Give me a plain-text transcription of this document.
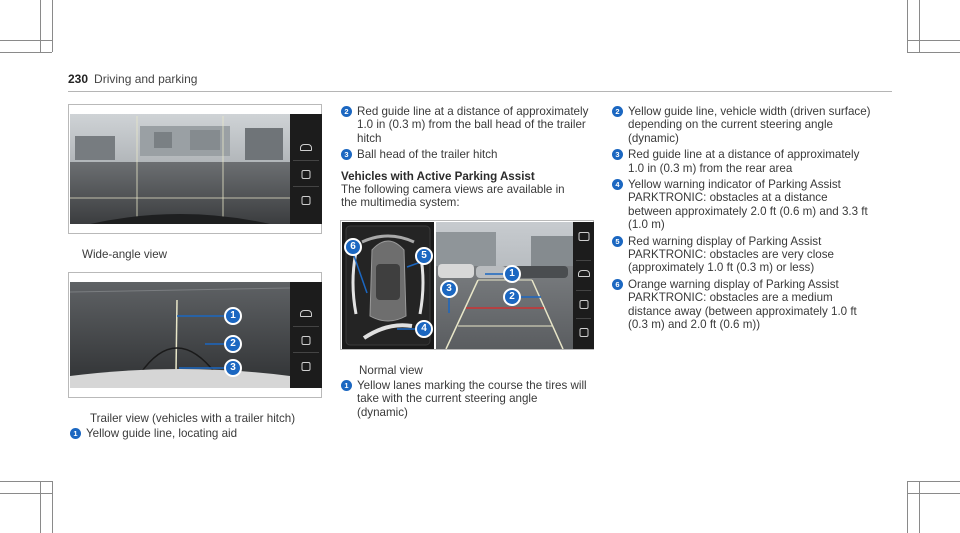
230 Driving and parking
Wide-angle view
1
2
3
Trailer view (vehicles with a trailer hitch)
1 Yellow guide line, locating aid
2 Red guide line at a distance of approximately 1.0 in (0.3 m) from the ball head of the trailer hitch
3 Ball head of the trailer hitch
Vehicles with Active Parking Assist
The following camera views are available in the multimedia system:
6
5
4
1
2
3
Normal view
1 Yellow lanes marking the course the tires will take with the current steering angle (dynamic)
2 Yellow guide line, vehicle width (driven surface) depending on the current steering angle (dynamic)
3 Red guide line at a distance of approximately 1.0 in (0.3 m) from the rear area
4 Yellow warning indicator of Parking Assist PARKTRONIC: obstacles at a distance between approximately 2.0 ft (0.6 m) and 3.3 ft (1.0 m)
5 Red warning display of Parking Assist PARKTRONIC: obstacles are very close (approximately 1.0 ft (0.3 m) or less)
6 Orange warning display of Parking Assist PARKTRONIC: obstacles are a medium distance away (between approximately 1.0 ft (0.3 m) and 2.0 ft (0.6 m))
